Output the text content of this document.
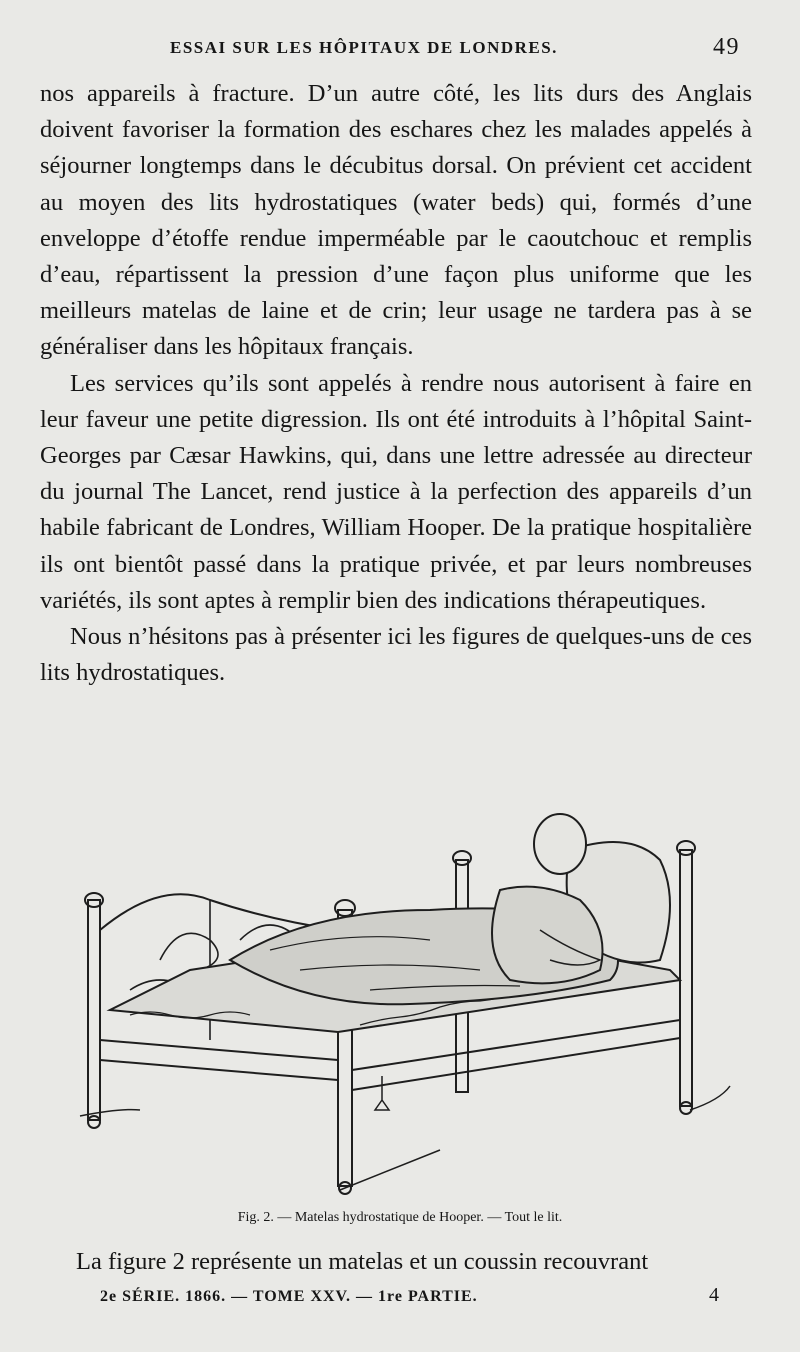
ESSAI SUR LES HÔPITAUX DE LONDRES.	49

nos appareils à fracture. D’un autre côté, les lits durs des Anglais doivent favoriser la formation des eschares chez les malades appelés à séjourner longtemps dans le décubitus dorsal. On prévient cet accident au moyen des lits hydrostatiques (water beds) qui, formés d’une enveloppe d’étoffe rendue imperméable par le caoutchouc et remplis d’eau, répartissent la pression d’une façon plus uniforme que les meilleurs matelas de laine et de crin; leur usage ne tardera pas à se généraliser dans les hôpitaux français.

Les services qu’ils sont appelés à rendre nous autorisent à faire en leur faveur une petite digression. Ils ont été introduits à l’hôpital Saint-Georges par Cæsar Hawkins, qui, dans une lettre adressée au directeur du journal The Lancet, rend justice à la perfection des appareils d’un habile fabricant de Londres, William Hooper. De la pratique hospitalière ils ont bientôt passé dans la pratique privée, et par leurs nombreuses variétés, ils sont aptes à remplir bien des indications thérapeutiques.

Nous n’hésitons pas à présenter ici les figures de quelques-uns de ces lits hydrostatiques.

Fig. 2. — Matelas hydrostatique de Hooper. — Tout le lit.
La figure 2 représente un matelas et un coussin recouvrant
2e SÉRIE. 1866. — TOME XXV. — 1re PARTIE.	4
